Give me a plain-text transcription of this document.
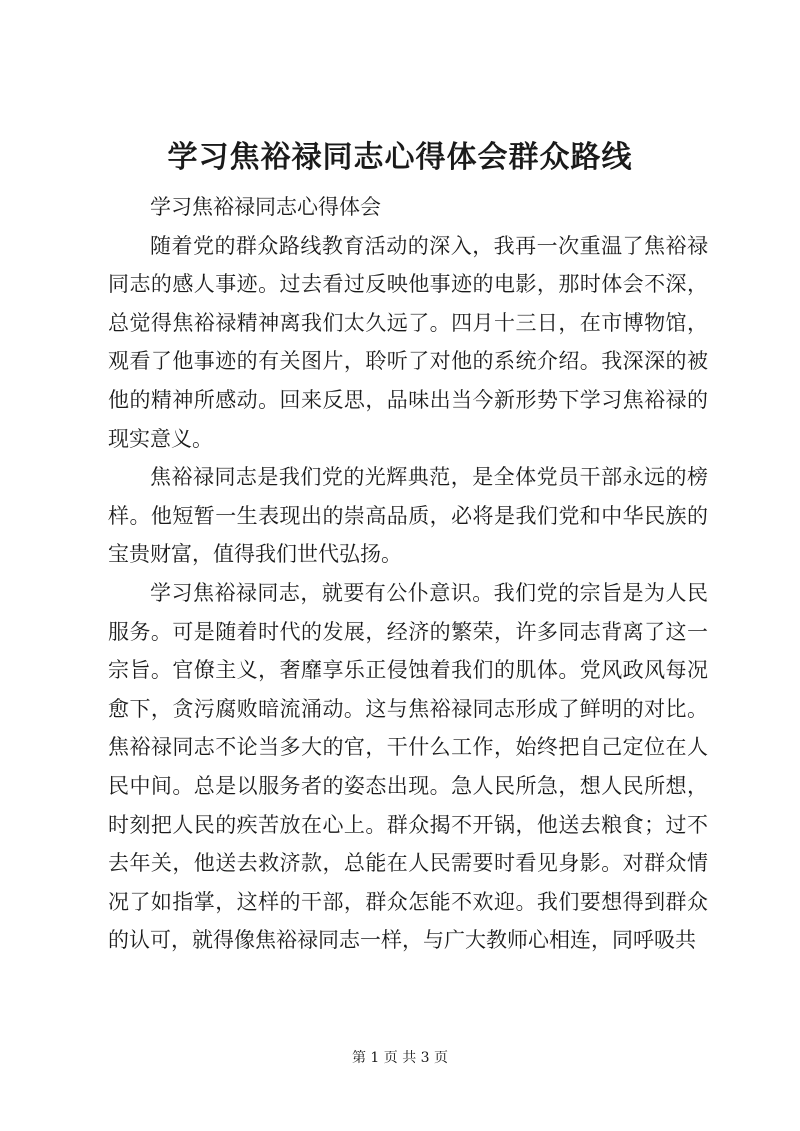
学习焦裕禄同志心得体会群众路线

学习焦裕禄同志心得体会

随着党的群众路线教育活动的深入，我再一次重温了焦裕禄同志的感人事迹。过去看过反映他事迹的电影，那时体会不深，总觉得焦裕禄精神离我们太久远了。四月十三日，在市博物馆，观看了他事迹的有关图片，聆听了对他的系统介绍。我深深的被他的精神所感动。回来反思，品味出当今新形势下学习焦裕禄的现实意义。

焦裕禄同志是我们党的光辉典范，是全体党员干部永远的榜样。他短暂一生表现出的崇高品质，必将是我们党和中华民族的宝贵财富，值得我们世代弘扬。

学习焦裕禄同志，就要有公仆意识。我们党的宗旨是为人民服务。可是随着时代的发展，经济的繁荣，许多同志背离了这一宗旨。官僚主义，奢靡享乐正侵蚀着我们的肌体。党风政风每况愈下，贪污腐败暗流涌动。这与焦裕禄同志形成了鲜明的对比。焦裕禄同志不论当多大的官，干什么工作，始终把自己定位在人民中间。总是以服务者的姿态出现。急人民所急，想人民所想，时刻把人民的疾苦放在心上。群众揭不开锅，他送去粮食；过不去年关，他送去救济款，总能在人民需要时看见身影。对群众情况了如指掌，这样的干部，群众怎能不欢迎。我们要想得到群众的认可，就得像焦裕禄同志一样，与广大教师心相连，同呼吸共

第 1 页 共 3 页
